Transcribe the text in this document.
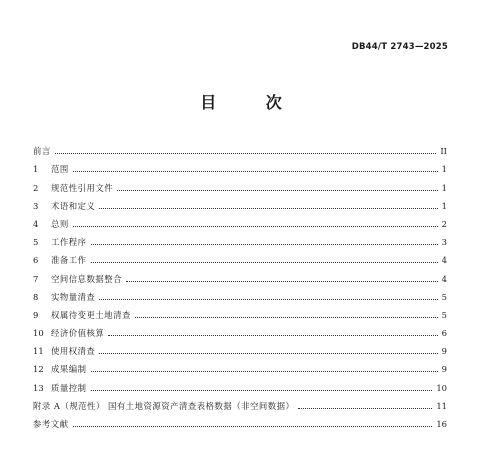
DB44/T 2743—2025
目 次
前言	II
1	范围	1
2	规范性引用文件	1
3	术语和定义	1
4	总则	2
5	工作程序	3
6	准备工作	4
7	空间信息数据整合	4
8	实物量清查	5
9	权属待变更土地清查	5
10 经济价值核算	6
11 使用权清查	9
12 成果编制	9
13 质量控制	10
附录 A（规范性） 国有土地资源资产清查表格数据（非空间数据）	11
参考文献	16
